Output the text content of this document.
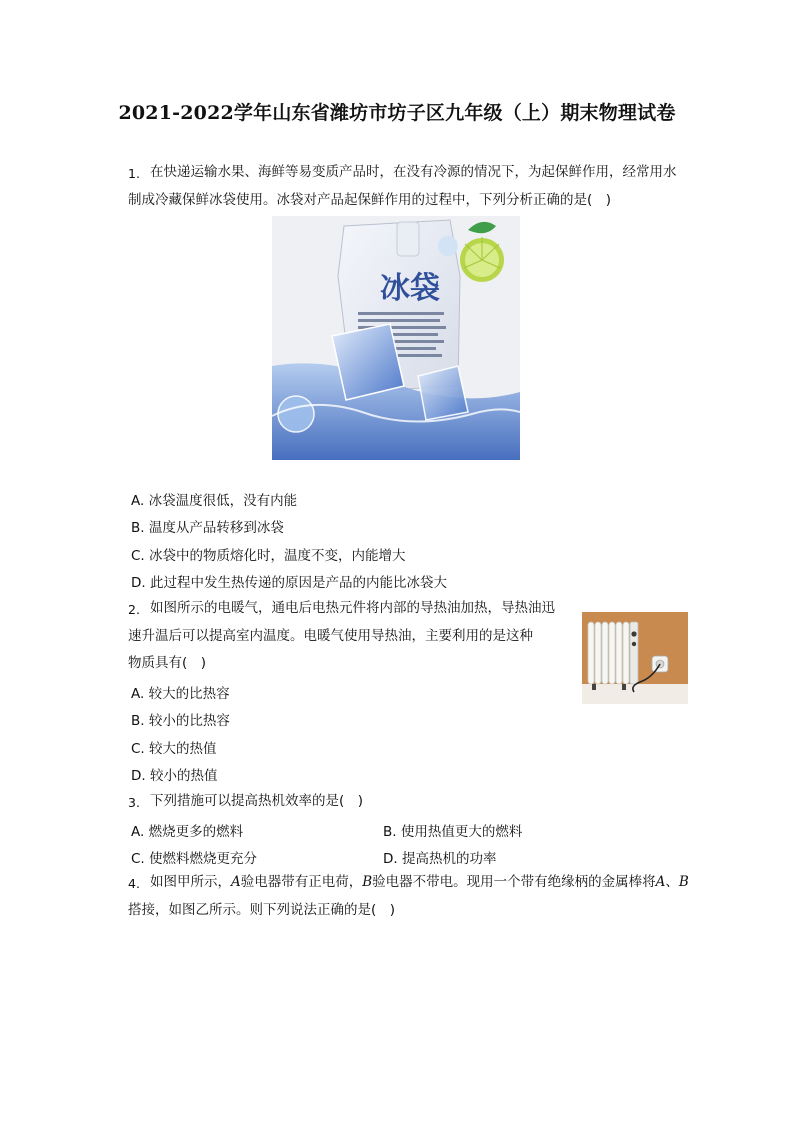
2021-2022学年山东省潍坊市坊子区九年级（上）期末物理试卷
1. 在快递运输水果、海鲜等易变质产品时，在没有冷源的情况下，为起保鲜作用，经常用水
制成冷藏保鲜冰袋使用。冰袋对产品起保鲜作用的过程中，下列分析正确的是(　)
冰袋
A. 冰袋温度很低，没有内能
B. 温度从产品转移到冰袋
C. 冰袋中的物质熔化时，温度不变，内能增大
D. 此过程中发生热传递的原因是产品的内能比冰袋大
2. 如图所示的电暖气，通电后电热元件将内部的导热油加热，导热油迅
速升温后可以提高室内温度。电暖气使用导热油，主要利用的是这种
物质具有(　)
A. 较大的比热容
B. 较小的比热容
C. 较大的热值
D. 较小的热值
3. 下列措施可以提高热机效率的是(　)
A. 燃烧更多的燃料	B. 使用热值更大的燃料
C. 使燃料燃烧更充分	D. 提高热机的功率
4. 如图甲所示，A验电器带有正电荷，B验电器不带电。现用一个带有绝缘柄的金属棒将A、B
搭接，如图乙所示。则下列说法正确的是(　)
